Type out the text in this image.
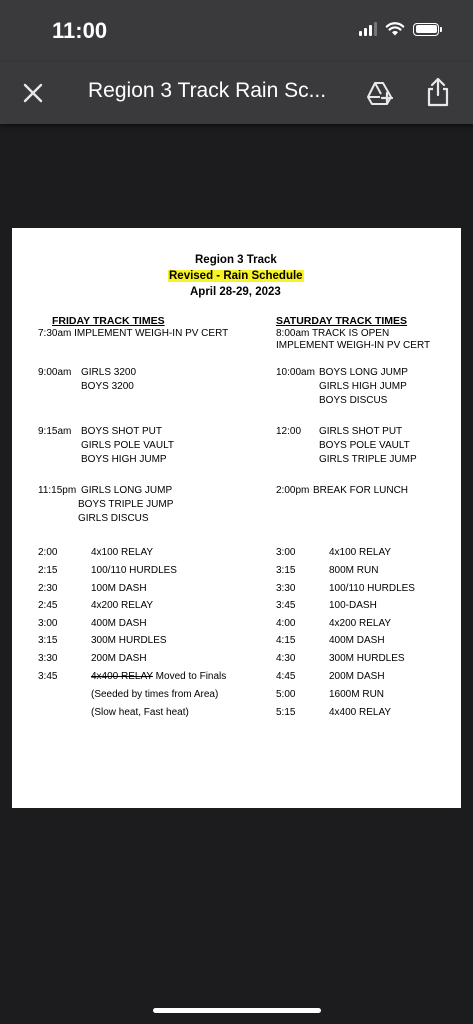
11:00
Region 3 Track Rain Sc...
Region 3 Track
Revised - Rain Schedule
April 28-29, 2023
FRIDAY TRACK TIMES
7:30am IMPLEMENT WEIGH-IN PV CERT
9:00am GIRLS 3200
BOYS 3200
9:15am BOYS SHOT PUT
GIRLS POLE VAULT
BOYS HIGH JUMP
11:15pm GIRLS LONG JUMP
BOYS TRIPLE JUMP
GIRLS DISCUS
2:00	4x100 RELAY
2:15	100/110 HURDLES
2:30	100M DASH
2:45	4x200 RELAY
3:00	400M DASH
3:15	300M HURDLES
3:30	200M DASH
3:45	4x400 RELAY Moved to Finals
(Seeded by times from Area)
(Slow heat, Fast heat)
SATURDAY TRACK TIMES
8:00am TRACK IS OPEN
IMPLEMENT WEIGH-IN PV CERT
10:00am BOYS LONG JUMP
GIRLS HIGH JUMP
BOYS DISCUS
12:00 GIRLS SHOT PUT
BOYS POLE VAULT
GIRLS TRIPLE JUMP
2:00pm BREAK FOR LUNCH
3:00	4x100 RELAY
3:15	800M RUN
3:30	100/110 HURDLES
3:45	100-DASH
4:00	4x200 RELAY
4:15	400M DASH
4:30	300M HURDLES
4:45	200M DASH
5:00	1600M RUN
5:15	4x400 RELAY
